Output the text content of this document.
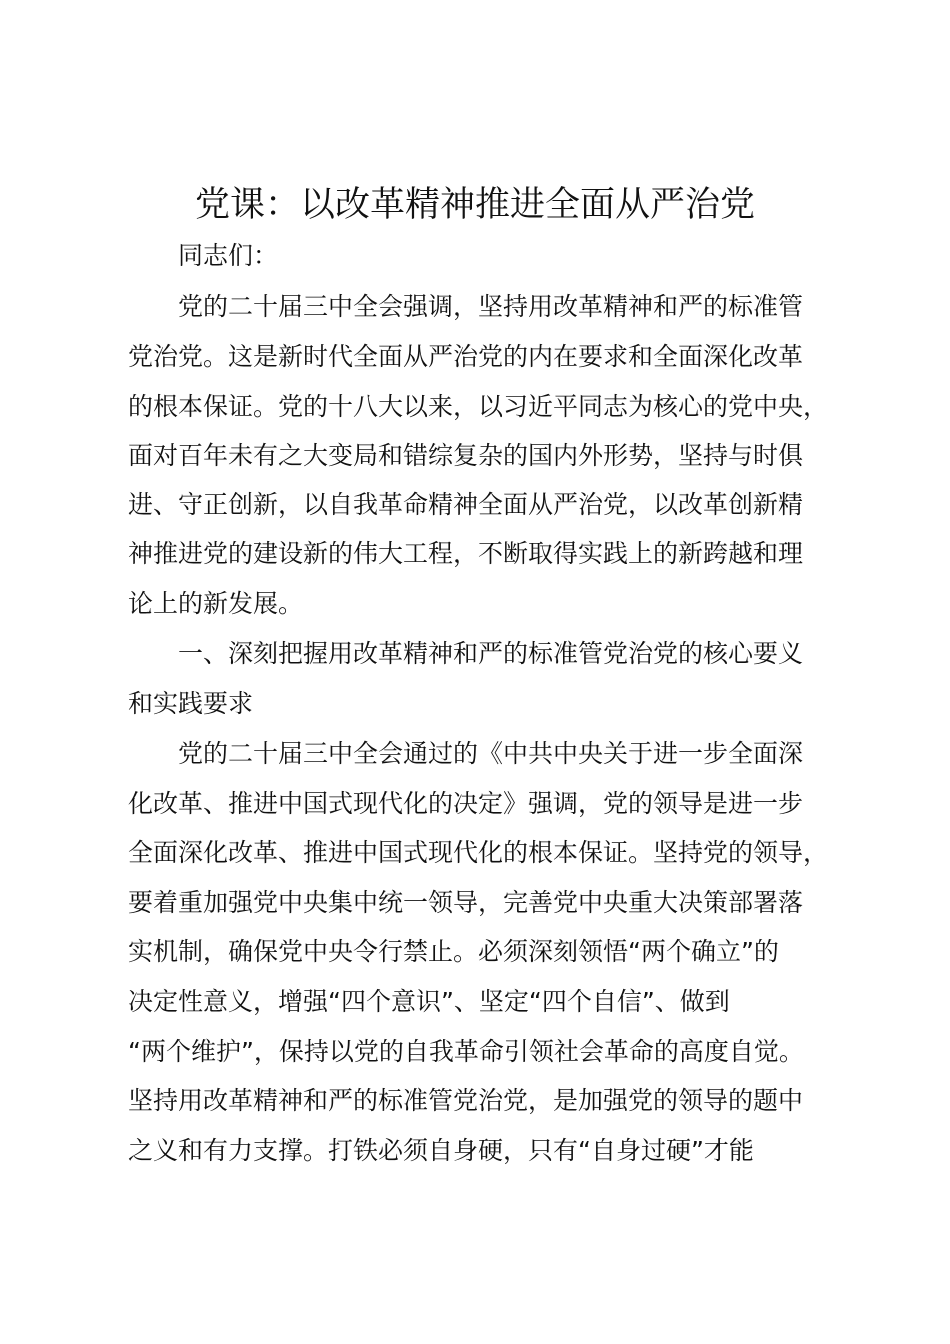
党课：以改革精神推进全面从严治党
同志们：
党的二十届三中全会强调，坚持用改革精神和严的标准管
党治党。这是新时代全面从严治党的内在要求和全面深化改革
的根本保证。党的十八大以来，以习近平同志为核心的党中央，
面对百年未有之大变局和错综复杂的国内外形势，坚持与时俱
进、守正创新，以自我革命精神全面从严治党，以改革创新精
神推进党的建设新的伟大工程，不断取得实践上的新跨越和理
论上的新发展。
一、深刻把握用改革精神和严的标准管党治党的核心要义
和实践要求
党的二十届三中全会通过的《中共中央关于进一步全面深
化改革、推进中国式现代化的决定》强调，党的领导是进一步
全面深化改革、推进中国式现代化的根本保证。坚持党的领导，
要着重加强党中央集中统一领导，完善党中央重大决策部署落
实机制，确保党中央令行禁止。必须深刻领悟“两个确立”的
决定性意义，增强“四个意识”、坚定“四个自信”、做到
“两个维护”，保持以党的自我革命引领社会革命的高度自觉。
坚持用改革精神和严的标准管党治党，是加强党的领导的题中
之义和有力支撑。打铁必须自身硬，只有“自身过硬”才能
